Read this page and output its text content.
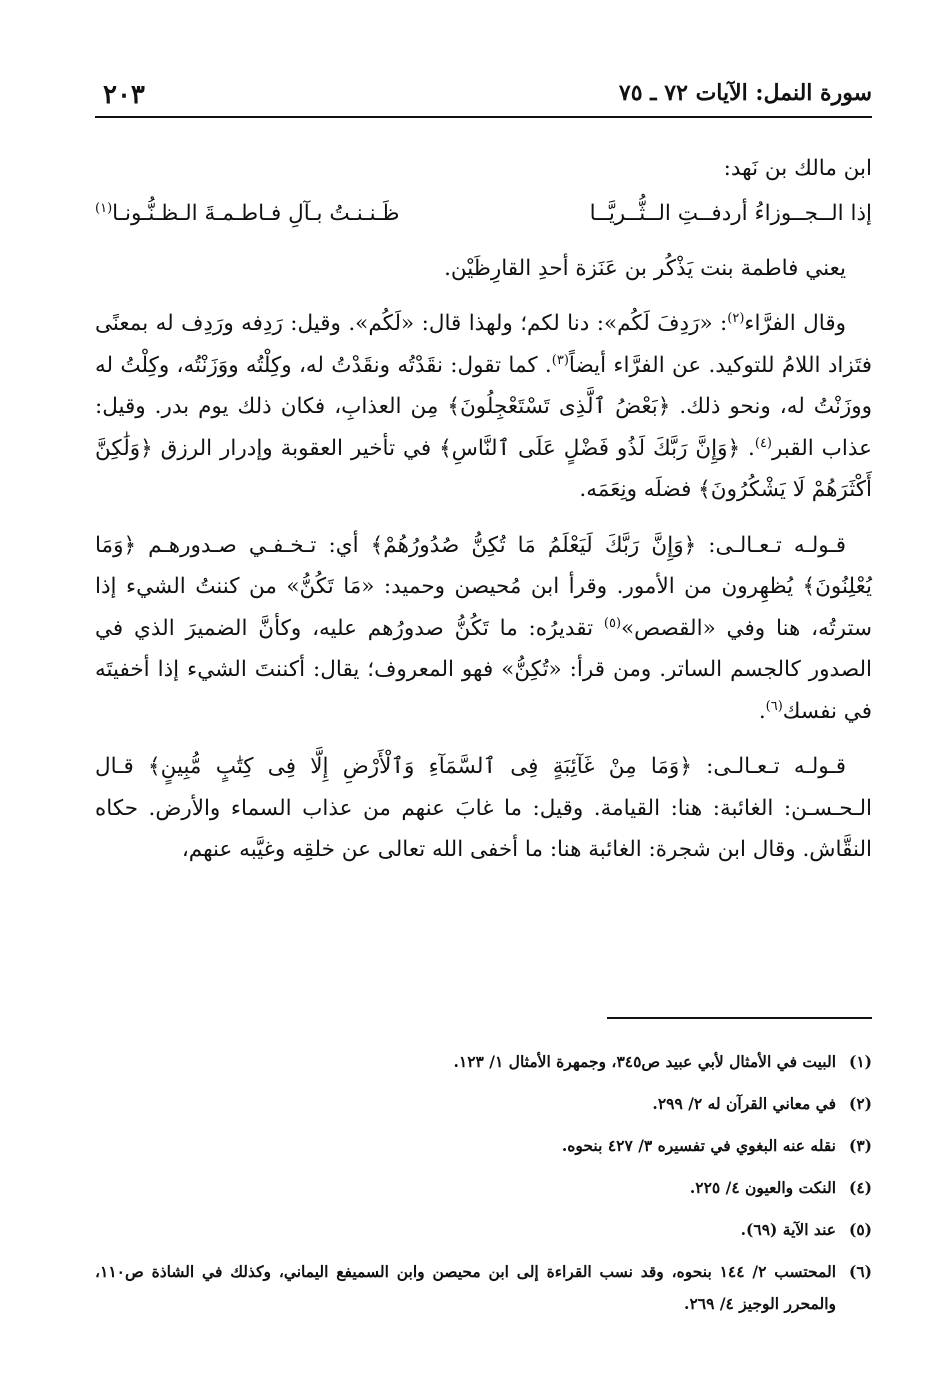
سورة النمل: الآيات ٧٢ ـ ٧٥
٢٠٣

ابن مالك بن نَهد:

إذا الــجــوزاءُ أردفــتِ الــثُّــريَّــا
ظَـنـنـتُ بـآلِ فـاطـمـةَ الـظـنُّـونـا$^{(١)}$

يعني فاطمة بنت يَذْكُر بن عَنَزة أحدِ القارِظَيْن.

وقال الفرَّاء$^{(٢)}$: «رَدِفَ لَكُم»: دنا لكم؛ ولهذا قال: «لَكُم». وقيل: رَدِفه ورَدِف له بمعنًى فتَزاد اللامُ للتوكيد. عن الفرَّاء أيضاً$^{(٣)}$. كما تقول: نقَدْتُه ونقَدْتُ له، وكِلْتُه ووَزَنْتُه، وكِلْتُ له ووزَنْتُ له، ونحو ذلك. ﴿بَعْضُ ٱلَّذِى تَسْتَعْجِلُونَ﴾ مِن العذابِ، فكان ذلك يوم بدر. وقيل: عذاب القبر$^{(٤)}$. ﴿وَإِنَّ رَبَّكَ لَذُو فَضْلٍ عَلَى ٱلنَّاسِ﴾ في تأخير العقوبة وإدرار الرزق ﴿وَلَٰكِنَّ أَكْثَرَهُمْ لَا يَشْكُرُونَ﴾ فضلَه ونِعَمَه.

قـولـه تـعـالـى: ﴿وَإِنَّ رَبَّكَ لَيَعْلَمُ مَا تُكِنُّ صُدُورُهُمْ﴾ أي: تـخـفـي صـدورهـم ﴿وَمَا يُعْلِنُونَ﴾ يُظهِرون من الأمور. وقرأ ابن مُحيصن وحميد: «مَا تَكُنُّ» من كننتُ الشيء إذا سترتُه، هنا وفي «القصص»$^{(٥)}$ تقديرُه: ما تَكُنُّ صدورُهم عليه، وكأنَّ الضميرَ الذي في الصدور كالجسم الساتر. ومن قرأ: «تُكِنُّ» فهو المعروف؛ يقال: أكننتَ الشيء إذا أخفيتَه في نفسك$^{(٦)}$.

قـولـه تـعـالـى: ﴿وَمَا مِنْ غَآئِبَةٍ فِى ٱلسَّمَآءِ وَٱلْأَرْضِ إِلَّا فِى كِتَٰبٍ مُّبِينٍ﴾ قـال الـحـسـن: الغائبة: هنا: القيامة. وقيل: ما غابَ عنهم من عذاب السماء والأرض. حكاه النقَّاش. وقال ابن شجرة: الغائبة هنا: ما أخفى الله تعالى عن خلقِه وغيَّبه عنهم،

(١)
البيت في الأمثال لأبي عبيد ص٣٤٥، وجمهرة الأمثال ١/ ١٢٣.
(٢)
في معاني القرآن له ٢/ ٢٩٩.
(٣)
نقله عنه البغوي في تفسيره ٣/ ٤٢٧ بنحوه.
(٤)
النكت والعيون ٤/ ٢٢٥.
(٥)
عند الآية (٦٩).
(٦)
المحتسب ٢/ ١٤٤ بنحوه، وقد نسب القراءة إلى ابن محيصن وابن السميفع اليماني، وكذلك في الشاذة ص١١٠، والمحرر الوجيز ٤/ ٢٦٩.
